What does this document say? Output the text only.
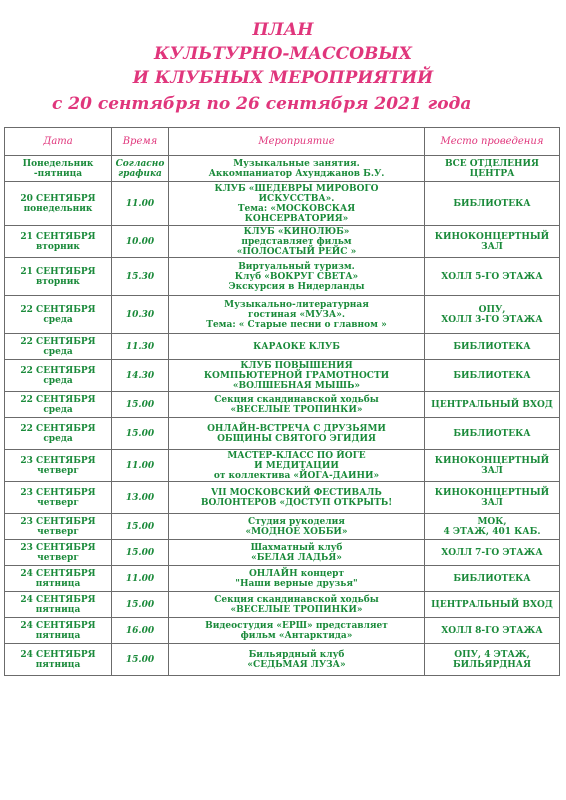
ПЛАН
КУЛЬТУРНО-МАССОВЫХ
И КЛУБНЫХ МЕРОПРИЯТИЙ
с 20 сентября по 26 сентября 2021 года
Дата	Время	Мероприятие	Место проведения

Понедельник
-пятница	Согласно
графика	Музыкальные занятия.
Аккомпаниатор Ахунджанов Б.У.	ВСЕ ОТДЕЛЕНИЯ
ЦЕНТРА

20 СЕНТЯБРЯ
понедельник	11.00	КЛУБ «ШЕДЕВРЫ МИРОВОГО
ИСКУССТВА».
Тема: «МОСКОВСКАЯ
КОНСЕРВАТОРИЯ»	БИБЛИОТЕКА

21 СЕНТЯБРЯ
вторник	10.00	КЛУБ «КИНОЛЮБ»
представляет фильм
«ПОЛОСАТЫЙ РЕЙС »	КИНОКОНЦЕРТНЫЙ
ЗАЛ

21 СЕНТЯБРЯ
вторник	15.30	Виртуальный туризм.
Клуб «ВОКРУГ СВЕТА»
Экскурсия в Нидерланды	ХОЛЛ 5-ГО ЭТАЖА

22 СЕНТЯБРЯ
среда	10.30	Музыкально-литературная
гостиная «МУЗА».
Тема: « Старые песни о главном »	ОПУ,
ХОЛЛ 3-ГО ЭТАЖА

22 СЕНТЯБРЯ
среда	11.30	КАРАОКЕ КЛУБ	БИБЛИОТЕКА

22 СЕНТЯБРЯ
среда	14.30	КЛУБ ПОВЫШЕНИЯ
КОМПЬЮТЕРНОЙ ГРАМОТНОСТИ
«ВОЛШЕБНАЯ МЫШЬ»	БИБЛИОТЕКА

22 СЕНТЯБРЯ
среда	15.00	Секция скандинавской ходьбы
«ВЕСЕЛЫЕ ТРОПИНКИ»	ЦЕНТРАЛЬНЫЙ ВХОД

22 СЕНТЯБРЯ
среда	15.00	ОНЛАЙН-ВСТРЕЧА С ДРУЗЬЯМИ
ОБЩИНЫ СВЯТОГО ЭГИДИЯ	БИБЛИОТЕКА

23 СЕНТЯБРЯ
четверг	11.00	МАСТЕР-КЛАСС ПО ЙОГЕ
И МЕДИТАЦИИ
от коллектива «ЙОГА-ДАИНИ»	КИНОКОНЦЕРТНЫЙ
ЗАЛ

23 СЕНТЯБРЯ
четверг	13.00	VII МОСКОВСКИЙ ФЕСТИВАЛЬ
ВОЛОНТЕРОВ «ДОСТУП ОТКРЫТЬ!	КИНОКОНЦЕРТНЫЙ
ЗАЛ

23 СЕНТЯБРЯ
четверг	15.00	Студия рукоделия
«МОДНОЕ ХОББИ»	МОК,
4 ЭТАЖ, 401 КАБ.

23 СЕНТЯБРЯ
четверг	15.00	Шахматный клуб
«БЕЛАЯ ЛАДЬЯ»	ХОЛЛ 7-ГО ЭТАЖА

24 СЕНТЯБРЯ
пятница	11.00	ОНЛАЙН концерт
"Наши верные друзья"	БИБЛИОТЕКА

24 СЕНТЯБРЯ
пятница	15.00	Секция скандинавской ходьбы
«ВЕСЕЛЫЕ ТРОПИНКИ»	ЦЕНТРАЛЬНЫЙ ВХОД

24 СЕНТЯБРЯ
пятница	16.00	Видеостудия «ЕРШ» представляет
фильм «Антарктида»	ХОЛЛ 8-ГО ЭТАЖА

24 СЕНТЯБРЯ
пятница	15.00	Бильярдный клуб
«СЕДЬМАЯ ЛУЗА»	ОПУ, 4 ЭТАЖ,
БИЛЬЯРДНАЯ
